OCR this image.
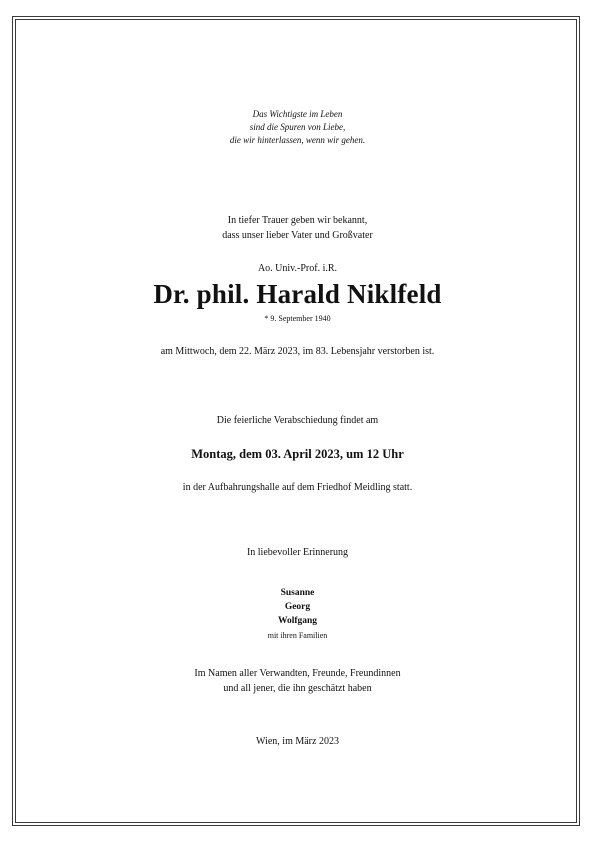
Das Wichtigste im Leben
sind die Spuren von Liebe,
die wir hinterlassen, wenn wir gehen.
In tiefer Trauer geben wir bekannt,
dass unser lieber Vater und Großvater
Ao. Univ.-Prof. i.R.
Dr. phil. Harald Niklfeld
* 9. September 1940
am Mittwoch, dem 22. März 2023, im 83. Lebensjahr verstorben ist.
Die feierliche Verabschiedung findet am
Montag, dem 03. April 2023, um 12 Uhr
in der Aufbahrungshalle auf dem Friedhof Meidling statt.
In liebevoller Erinnerung
Susanne
Georg
Wolfgang
mit ihren Familien
Im Namen aller Verwandten, Freunde, Freundinnen
und all jener, die ihn geschätzt haben
Wien, im März 2023
